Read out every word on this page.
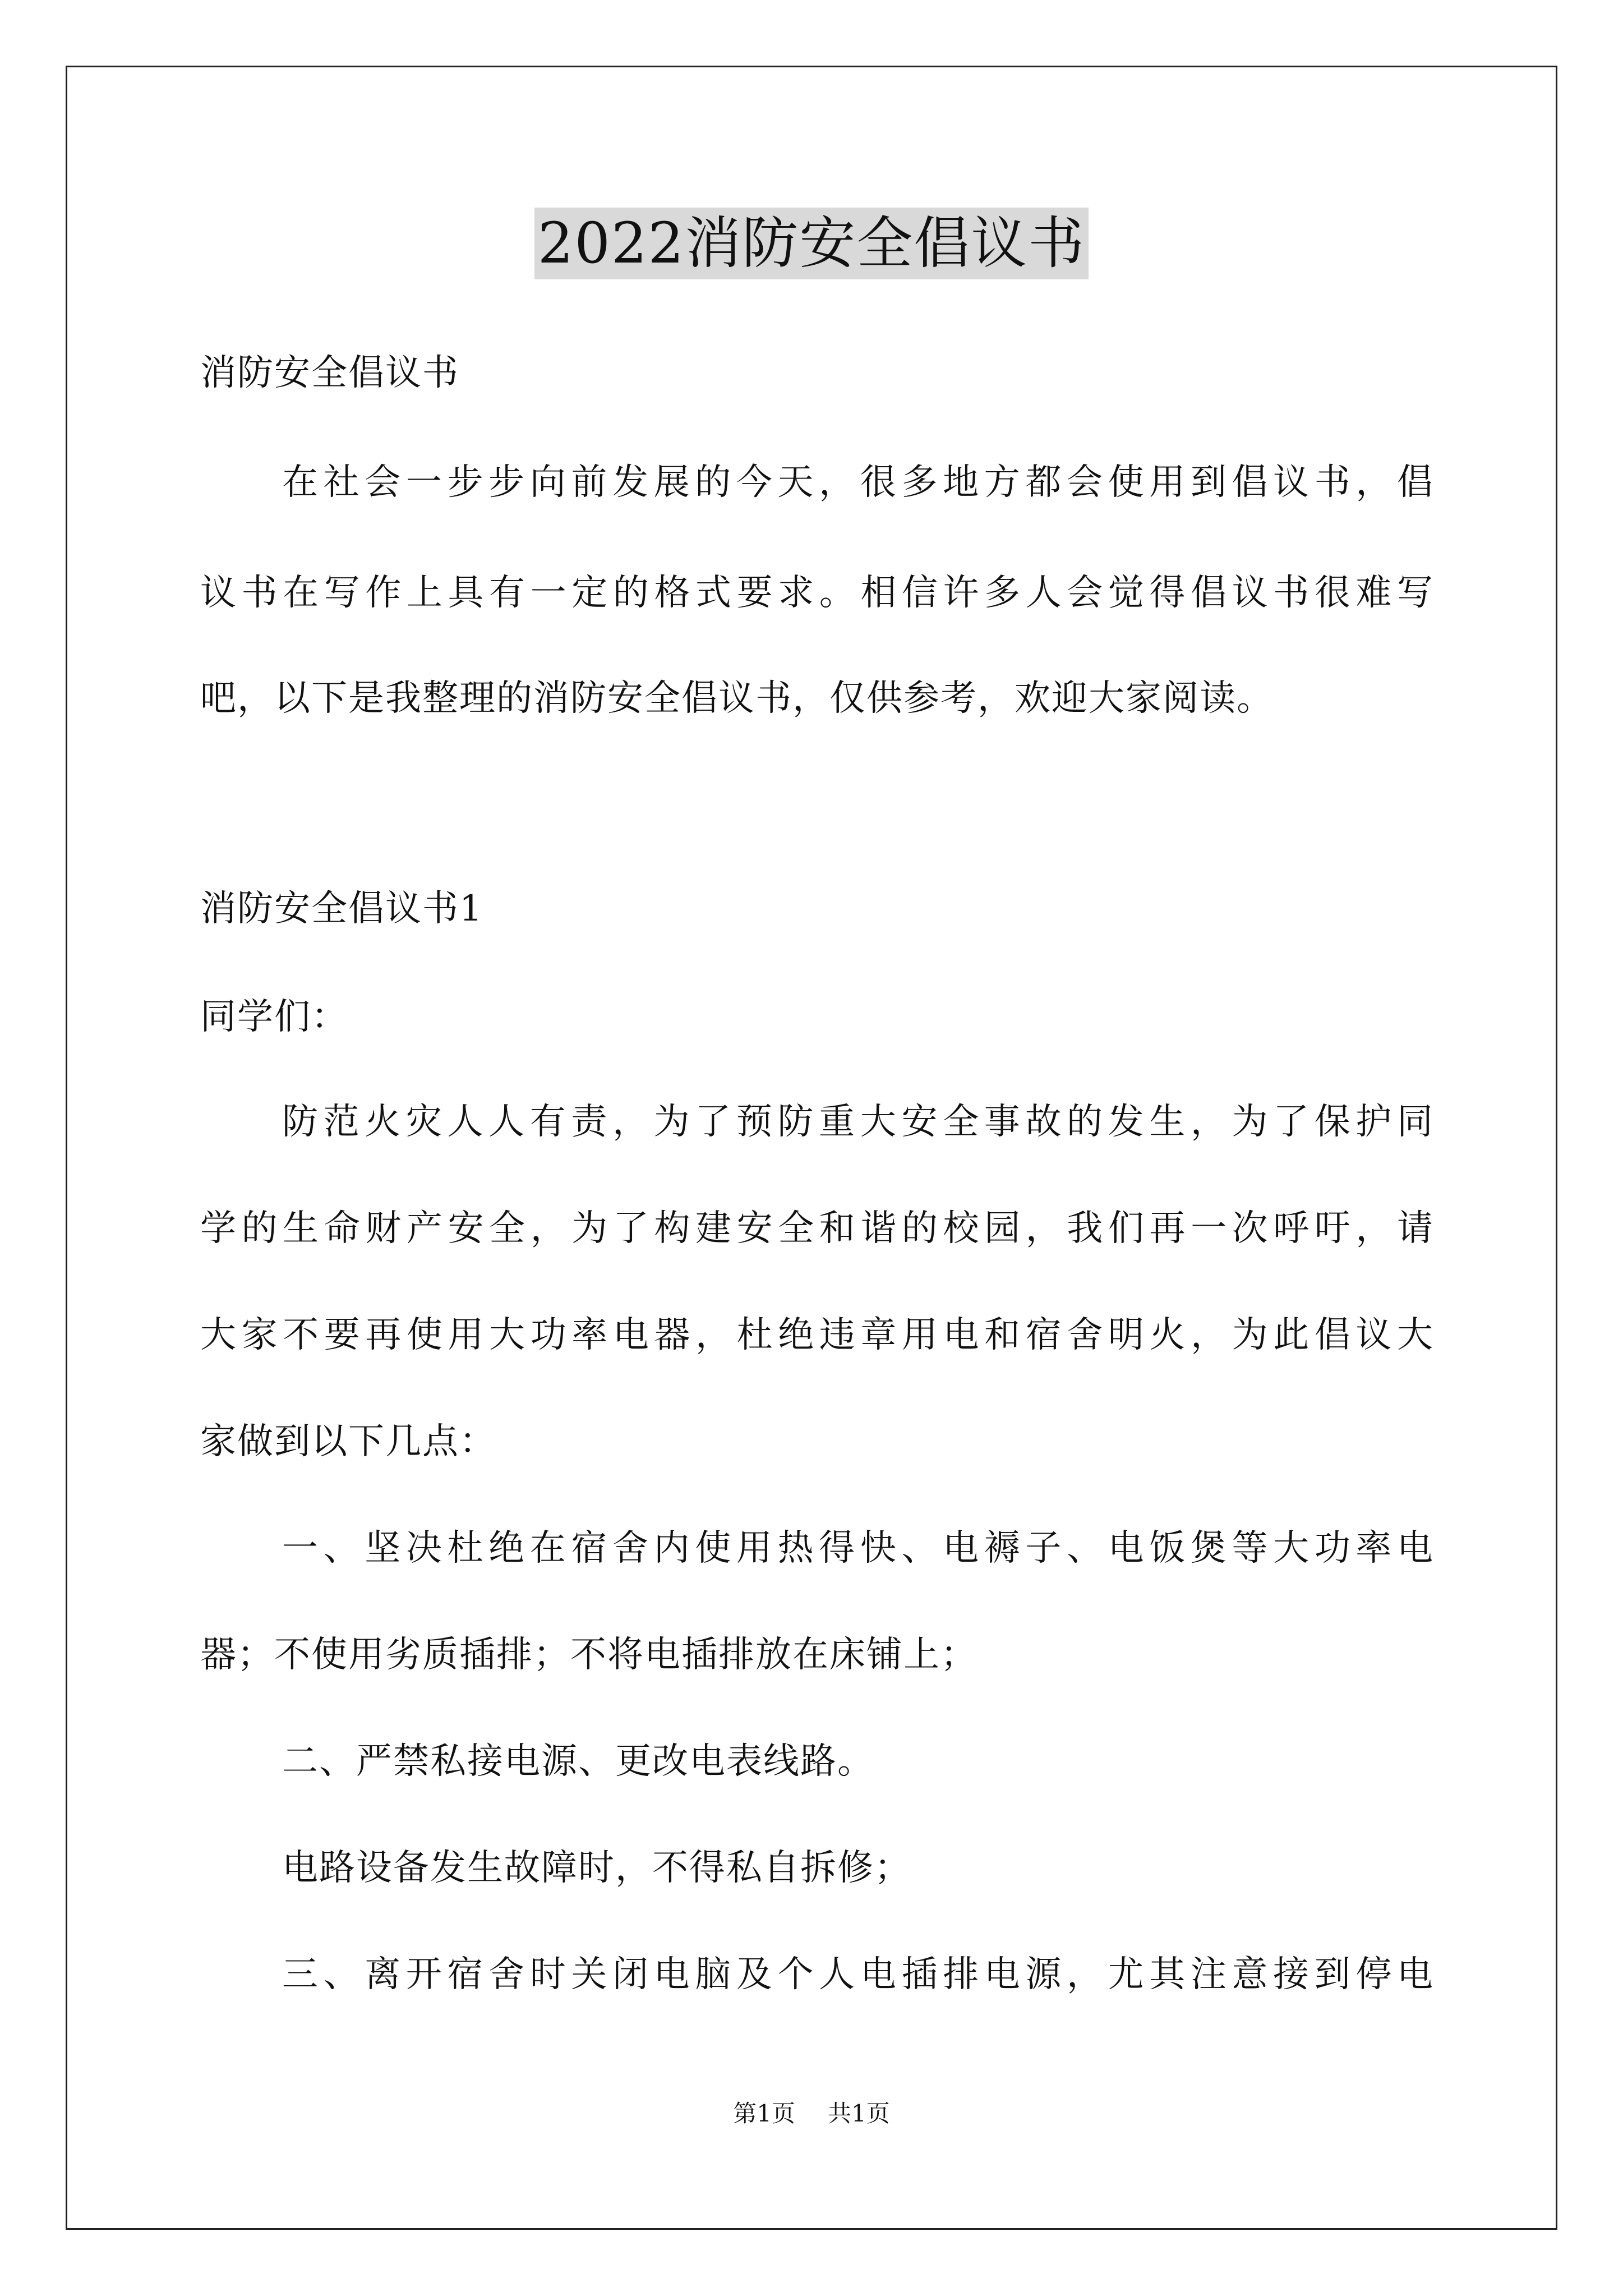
2022消防安全倡议书
消防安全倡议书
在社会一步步向前发展的今天，很多地方都会使用到倡议书，倡
议书在写作上具有一定的格式要求。相信许多人会觉得倡议书很难写
吧，以下是我整理的消防安全倡议书，仅供参考，欢迎大家阅读。
消防安全倡议书1
同学们：
防范火灾人人有责，为了预防重大安全事故的发生，为了保护同
学的生命财产安全，为了构建安全和谐的校园，我们再一次呼吁，请
大家不要再使用大功率电器，杜绝违章用电和宿舍明火，为此倡议大
家做到以下几点：
一、坚决杜绝在宿舍内使用热得快、电褥子、电饭煲等大功率电
器；不使用劣质插排；不将电插排放在床铺上；
二、严禁私接电源、更改电表线路。
电路设备发生故障时，不得私自拆修；
三、离开宿舍时关闭电脑及个人电插排电源，尤其注意接到停电
第1页 共1页
